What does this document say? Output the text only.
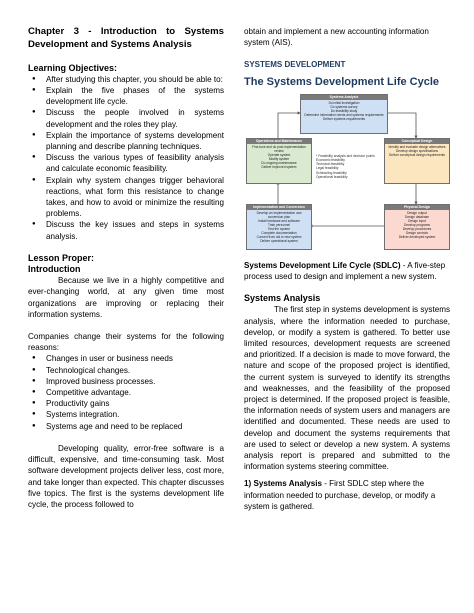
Chapter 3 - Introduction to Systems
Development and Systems Analysis
Learning Objectives:
● After studying this chapter, you should be able to:
● Explain the five phases of the systems development life cycle.
● Discuss the people involved in systems development and the roles they play.
● Explain the importance of systems development planning and describe planning techniques.
● Discuss the various types of feasibility analysis and calculate economic feasibility.
● Explain why system changes trigger behavioral reactions, what form this resistance to change takes, and how to avoid or minimize the resulting problems.
● Discuss the key issues and steps in systems analysis.
Lesson Proper:
Introduction
Because we live in a highly competitive and ever-changing world, at any given time most organizations are improving or replacing their information systems.
Companies change their systems for the following reasons:
● Changes in user or business needs
● Technological changes.
● Improved business processes.
● Competitive advantage.
● Productivity gains
● Systems integration.
● Systems age and need to be replaced
Developing quality, error-free software is a difficult, expensive, and time-consuming task. Most software development projects deliver less, cost more, and take longer than expected. This chapter discusses five topics. The first is the systems development life cycle, the process followed to
obtain and implement a new accounting information system (AIS).
SYSTEMS DEVELOPMENT
The Systems Development Life Cycle
Systems Analysis
Do initial investigation
Do systems survey
Do feasibility study
Determine information needs and systems requirements
Deliver systems requirements
Operations and Maintenance
Fine-tune and do post-implementation review
Operate system
Modify system
Do ongoing maintenance
Deliver improved system
Conceptual Design
Identify and evaluate design alternatives
Develop design specifications
Deliver conceptual design requirements
* Feasibility analysis and decision points
Economic feasibility
Technical feasibility
Legal feasibility
Scheduling feasibility
Operational feasibility
Implementation and Conversion
Develop an implementation and conversion plan
Install hardware and software
Train personnel
Test the system
Complete documentation
Convert from old to new system
Deliver operational system
Physical Design
Design output
Design database
Design input
Develop programs
Develop procedures
Design controls
Deliver developed system
Systems Development Life Cycle (SDLC) - A five-step process used to design and implement a new system.
Systems Analysis
The first step in systems development is systems analysis, where the information needed to purchase, develop, or modify a system is gathered. To better use limited resources, development requests are screened and prioritized. If a decision is made to move forward, the nature and scope of the proposed project is identified, the current system is surveyed to identify its strengths and weaknesses, and the feasibility of the proposed project is determined. If the proposed project is feasible, the information needs of system users and managers are identified and documented. These needs are used to develop and document the systems requirements that are used to select or develop a new system. A systems analysis report is prepared and submitted to the information systems steering committee.
1) Systems Analysis - First SDLC step where the information needed to purchase, develop, or modify a system is gathered.
